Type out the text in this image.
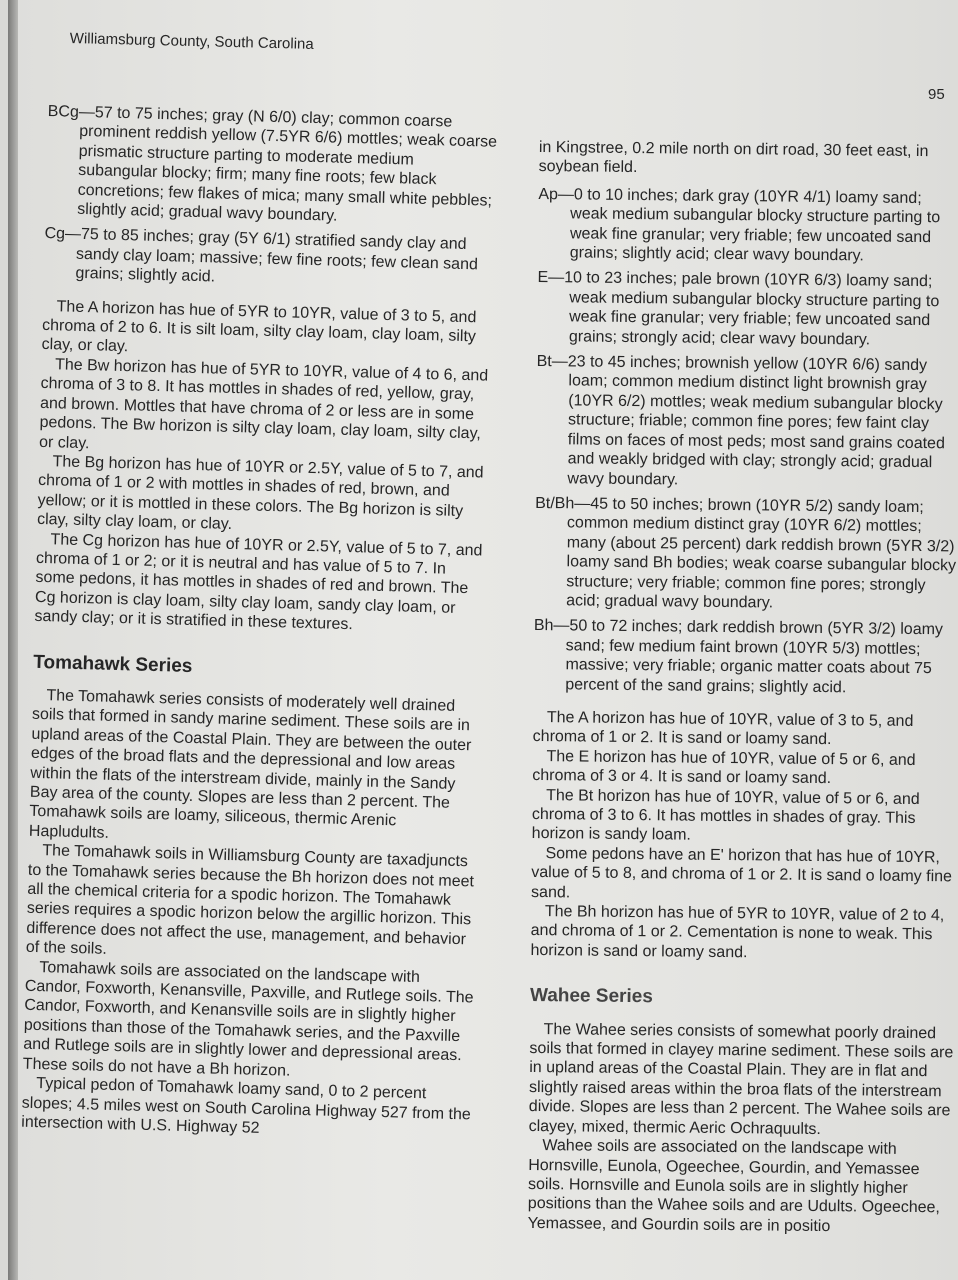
Williamsburg County, South Carolina
95

BCg—57 to 75 inches; gray (N 6/0) clay; common coarse prominent reddish yellow (7.5YR 6/6) mottles; weak coarse prismatic structure parting to moderate medium subangular blocky; firm; many fine roots; few black concretions; few flakes of mica; many small white pebbles; slightly acid; gradual wavy boundary.

Cg—75 to 85 inches; gray (5Y 6/1) stratified sandy clay and sandy clay loam; massive; few fine roots; few clean sand grains; slightly acid.

The A horizon has hue of 5YR to 10YR, value of 3 to 5, and chroma of 2 to 6. It is silt loam, silty clay loam, clay loam, silty clay, or clay.

The Bw horizon has hue of 5YR to 10YR, value of 4 to 6, and chroma of 3 to 8. It has mottles in shades of red, yellow, gray, and brown. Mottles that have chroma of 2 or less are in some pedons. The Bw horizon is silty clay loam, clay loam, silty clay, or clay.

The Bg horizon has hue of 10YR or 2.5Y, value of 5 to 7, and chroma of 1 or 2 with mottles in shades of red, brown, and yellow; or it is mottled in these colors. The Bg horizon is silty clay, silty clay loam, or clay.

The Cg horizon has hue of 10YR or 2.5Y, value of 5 to 7, and chroma of 1 or 2; or it is neutral and has value of 5 to 7. In some pedons, it has mottles in shades of red and brown. The Cg horizon is clay loam, silty clay loam, sandy clay loam, or sandy clay; or it is stratified in these textures.

Tomahawk Series

The Tomahawk series consists of moderately well drained soils that formed in sandy marine sediment. These soils are in upland areas of the Coastal Plain. They are between the outer edges of the broad flats and the depressional and low areas within the flats of the interstream divide, mainly in the Sandy Bay area of the county. Slopes are less than 2 percent. The Tomahawk soils are loamy, siliceous, thermic Arenic Hapludults.

The Tomahawk soils in Williamsburg County are taxadjuncts to the Tomahawk series because the Bh horizon does not meet all the chemical criteria for a spodic horizon. The Tomahawk series requires a spodic horizon below the argillic horizon. This difference does not affect the use, management, and behavior of the soils.

Tomahawk soils are associated on the landscape with Candor, Foxworth, Kenansville, Paxville, and Rutlege soils. The Candor, Foxworth, and Kenansville soils are in slightly higher positions than those of the Tomahawk series, and the Paxville and Rutlege soils are in slightly lower and depressional areas. These soils do not have a Bh horizon.

Typical pedon of Tomahawk loamy sand, 0 to 2 percent slopes; 4.5 miles west on South Carolina Highway 527 from the intersection with U.S. Highway 52

in Kingstree, 0.2 mile north on dirt road, 30 feet east, in soybean field.

Ap—0 to 10 inches; dark gray (10YR 4/1) loamy sand; weak medium subangular blocky structure parting to weak fine granular; very friable; few uncoated sand grains; slightly acid; clear wavy boundary.

E—10 to 23 inches; pale brown (10YR 6/3) loamy sand; weak medium subangular blocky structure parting to weak fine granular; very friable; few uncoated sand grains; strongly acid; clear wavy boundary.

Bt—23 to 45 inches; brownish yellow (10YR 6/6) sandy loam; common medium distinct light brownish gray (10YR 6/2) mottles; weak medium subangular blocky structure; friable; common fine pores; few faint clay films on faces of most peds; most sand grains coated and weakly bridged with clay; strongly acid; gradual wavy boundary.

Bt/Bh—45 to 50 inches; brown (10YR 5/2) sandy loam; common medium distinct gray (10YR 6/2) mottles; many (about 25 percent) dark reddish brown (5YR 3/2) loamy sand Bh bodies; weak coarse subangular blocky structure; very friable; common fine pores; strongly acid; gradual wavy boundary.

Bh—50 to 72 inches; dark reddish brown (5YR 3/2) loamy sand; few medium faint brown (10YR 5/3) mottles; massive; very friable; organic matter coats about 75 percent of the sand grains; slightly acid.

The A horizon has hue of 10YR, value of 3 to 5, and chroma of 1 or 2. It is sand or loamy sand.

The E horizon has hue of 10YR, value of 5 or 6, and chroma of 3 or 4. It is sand or loamy sand.

The Bt horizon has hue of 10YR, value of 5 or 6, and chroma of 3 to 6. It has mottles in shades of gray. This horizon is sandy loam.

Some pedons have an E' horizon that has hue of 10YR, value of 5 to 8, and chroma of 1 or 2. It is sand o loamy fine sand.

The Bh horizon has hue of 5YR to 10YR, value of 2 to 4, and chroma of 1 or 2. Cementation is none to weak. This horizon is sand or loamy sand.

Wahee Series

The Wahee series consists of somewhat poorly drained soils that formed in clayey marine sediment. These soils are in upland areas of the Coastal Plain. They are in flat and slightly raised areas within the broa flats of the interstream divide. Slopes are less than 2 percent. The Wahee soils are clayey, mixed, thermic Aeric Ochraquults.

Wahee soils are associated on the landscape with Hornsville, Eunola, Ogeechee, Gourdin, and Yemassee soils. Hornsville and Eunola soils are in slightly higher positions than the Wahee soils and are Udults. Ogeechee, Yemassee, and Gourdin soils are in positio
